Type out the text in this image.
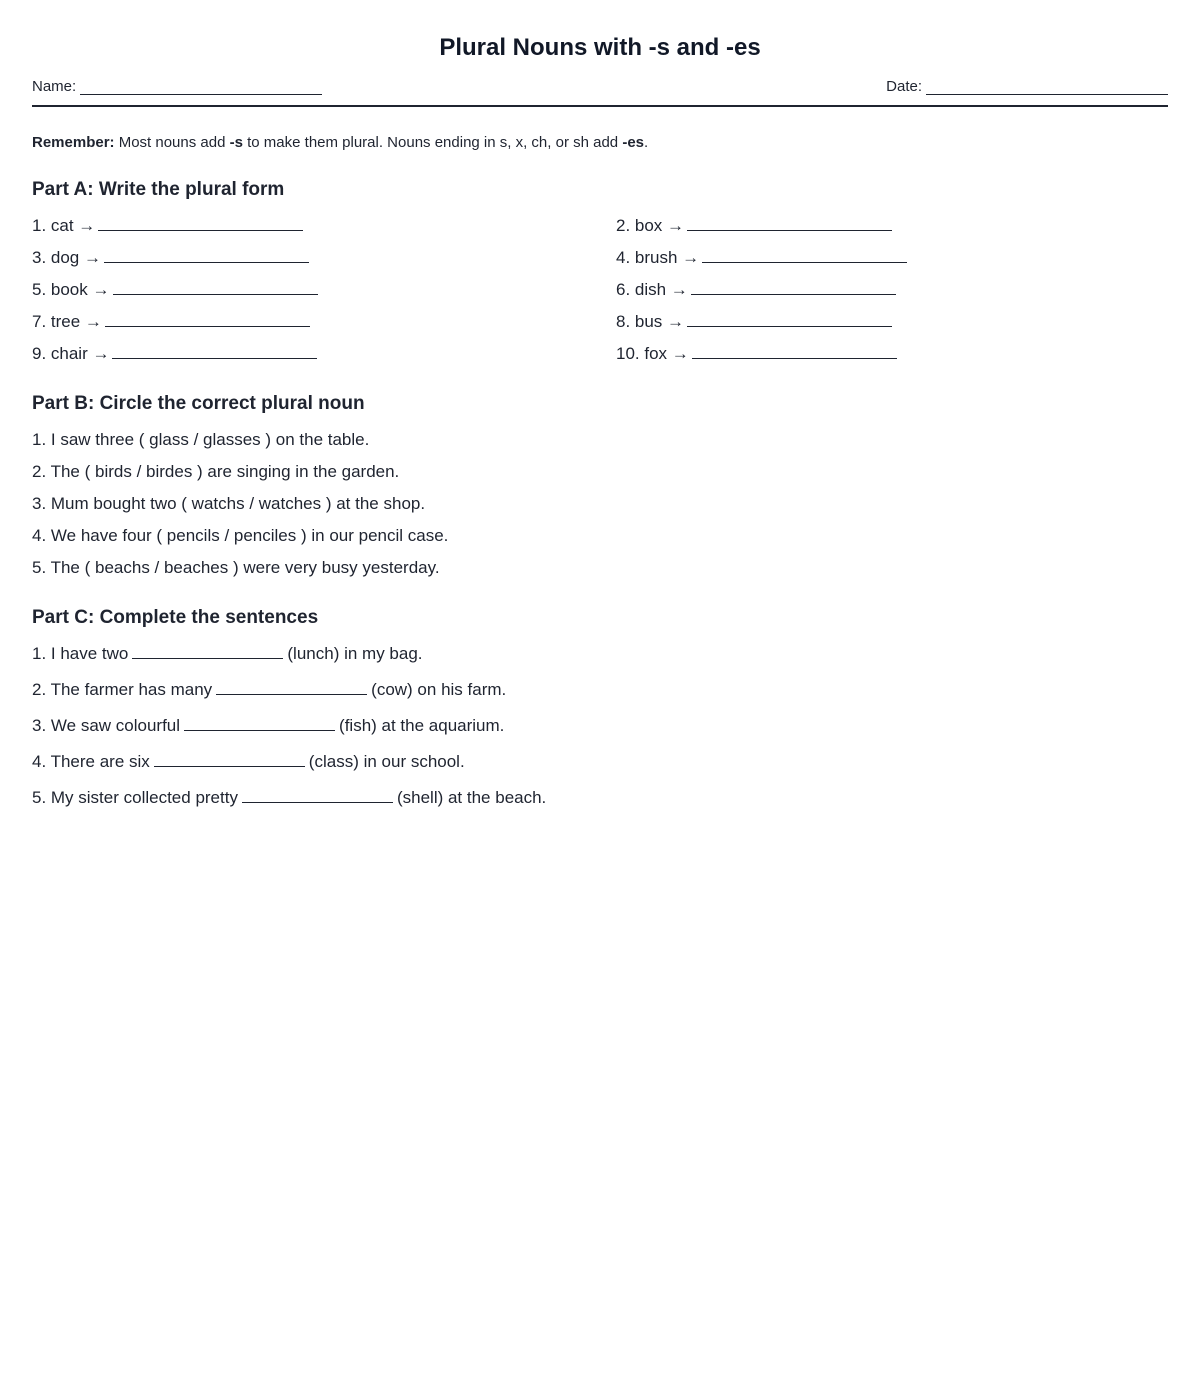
Plural Nouns with -s and -es
Name:	Date:
Remember: Most nouns add -s to make them plural. Nouns ending in s, x, ch, or sh add -es.
Part A: Write the plural form
1. cat →	2. box →
3. dog →	4. brush →
5. book →	6. dish →
7. tree →	8. bus →
9. chair →	10. fox →
Part B: Circle the correct plural noun
1. I saw three ( glass / glasses ) on the table.
2. The ( birds / birdes ) are singing in the garden.
3. Mum bought two ( watchs / watches ) at the shop.
4. We have four ( pencils / penciles ) in our pencil case.
5. The ( beachs / beaches ) were very busy yesterday.
Part C: Complete the sentences
1. I have two	(lunch) in my bag.
2. The farmer has many	(cow) on his farm.
3. We saw colourful	(fish) at the aquarium.
4. There are six	(class) in our school.
5. My sister collected pretty	(shell) at the beach.
